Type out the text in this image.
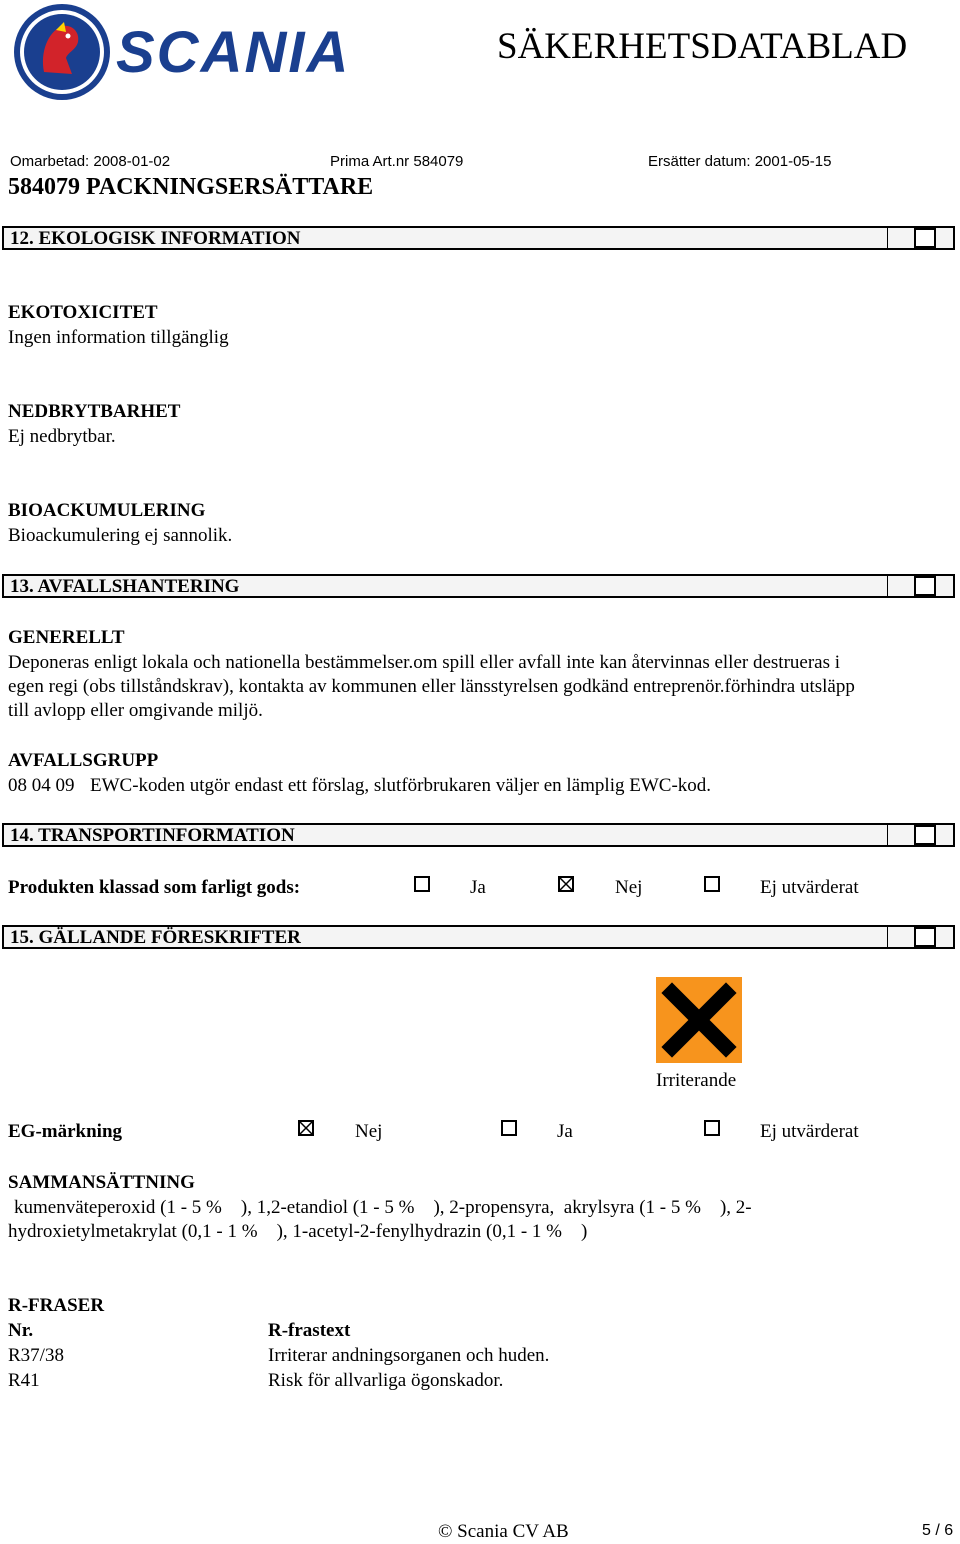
SCANIA	SÄKERHETSDATABLAD
Omarbetad: 2008-01-02	Prima Art.nr 584079	Ersätter datum: 2001-05-15
584079 PACKNINGSERSÄTTARE
12. EKOLOGISK INFORMATION
EKOTOXICITET
Ingen information tillgänglig
NEDBRYTBARHET
Ej nedbrytbar.
BIOACKUMULERING
Bioackumulering ej sannolik.
13. AVFALLSHANTERING
GENERELLT
Deponeras enligt lokala och nationella bestämmelser.om spill eller avfall inte kan återvinnas eller destrueras i
egen regi (obs tillståndskrav), kontakta av kommunen eller länsstyrelsen godkänd entreprenör.förhindra utsläpp
till avlopp eller omgivande miljö.
AVFALLSGRUPP
08 04 09 EWC-koden utgör endast ett förslag, slutförbrukaren väljer en lämplig EWC-kod.
14. TRANSPORTINFORMATION
Produkten klassad som farligt gods:	Ja	Nej	Ej utvärderat
15. GÄLLANDE FÖRESKRIFTER
Irriterande
EG-märkning	Nej	Ja	Ej utvärderat
SAMMANSÄTTNING
kumenväteperoxid (1 - 5 %    ), 1,2-etandiol (1 - 5 %    ), 2-propensyra,  akrylsyra (1 - 5 %    ), 2-
hydroxietylmetakrylat (0,1 - 1 %    ), 1-acetyl-2-fenylhydrazin (0,1 - 1 %    )
R-FRASER
Nr.	R-frastext
R37/38	Irriterar andningsorganen och huden.
R41	Risk för allvarliga ögonskador.
© Scania CV AB	5 / 6
